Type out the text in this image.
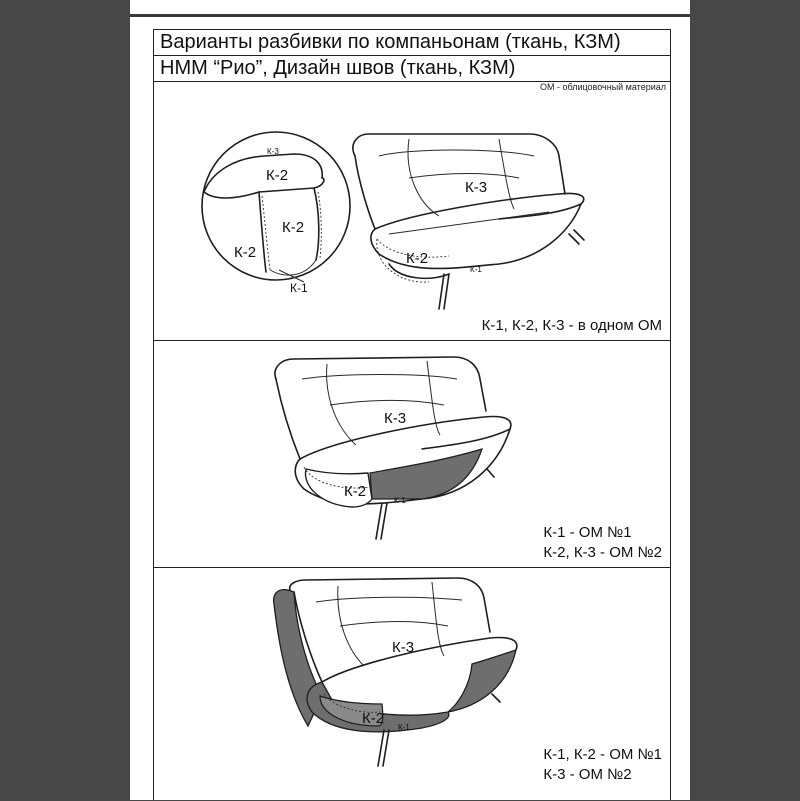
Варианты разбивки по компаньонам (ткань, КЗМ)
НММ “Рио”, Дизайн швов (ткань, КЗМ)
ОМ - облицовочный материал
К-3
К-2
К-2
К-2
К-1
К-3
К-2
К-1
К-1, К-2, К-3 - в одном ОМ
К-3
К-2
К-1
К-1 - ОМ №1
К-2, К-3 - ОМ №2
К-3
К-2
К-1
К-1, К-2 - ОМ №1
К-3 - ОМ №2
